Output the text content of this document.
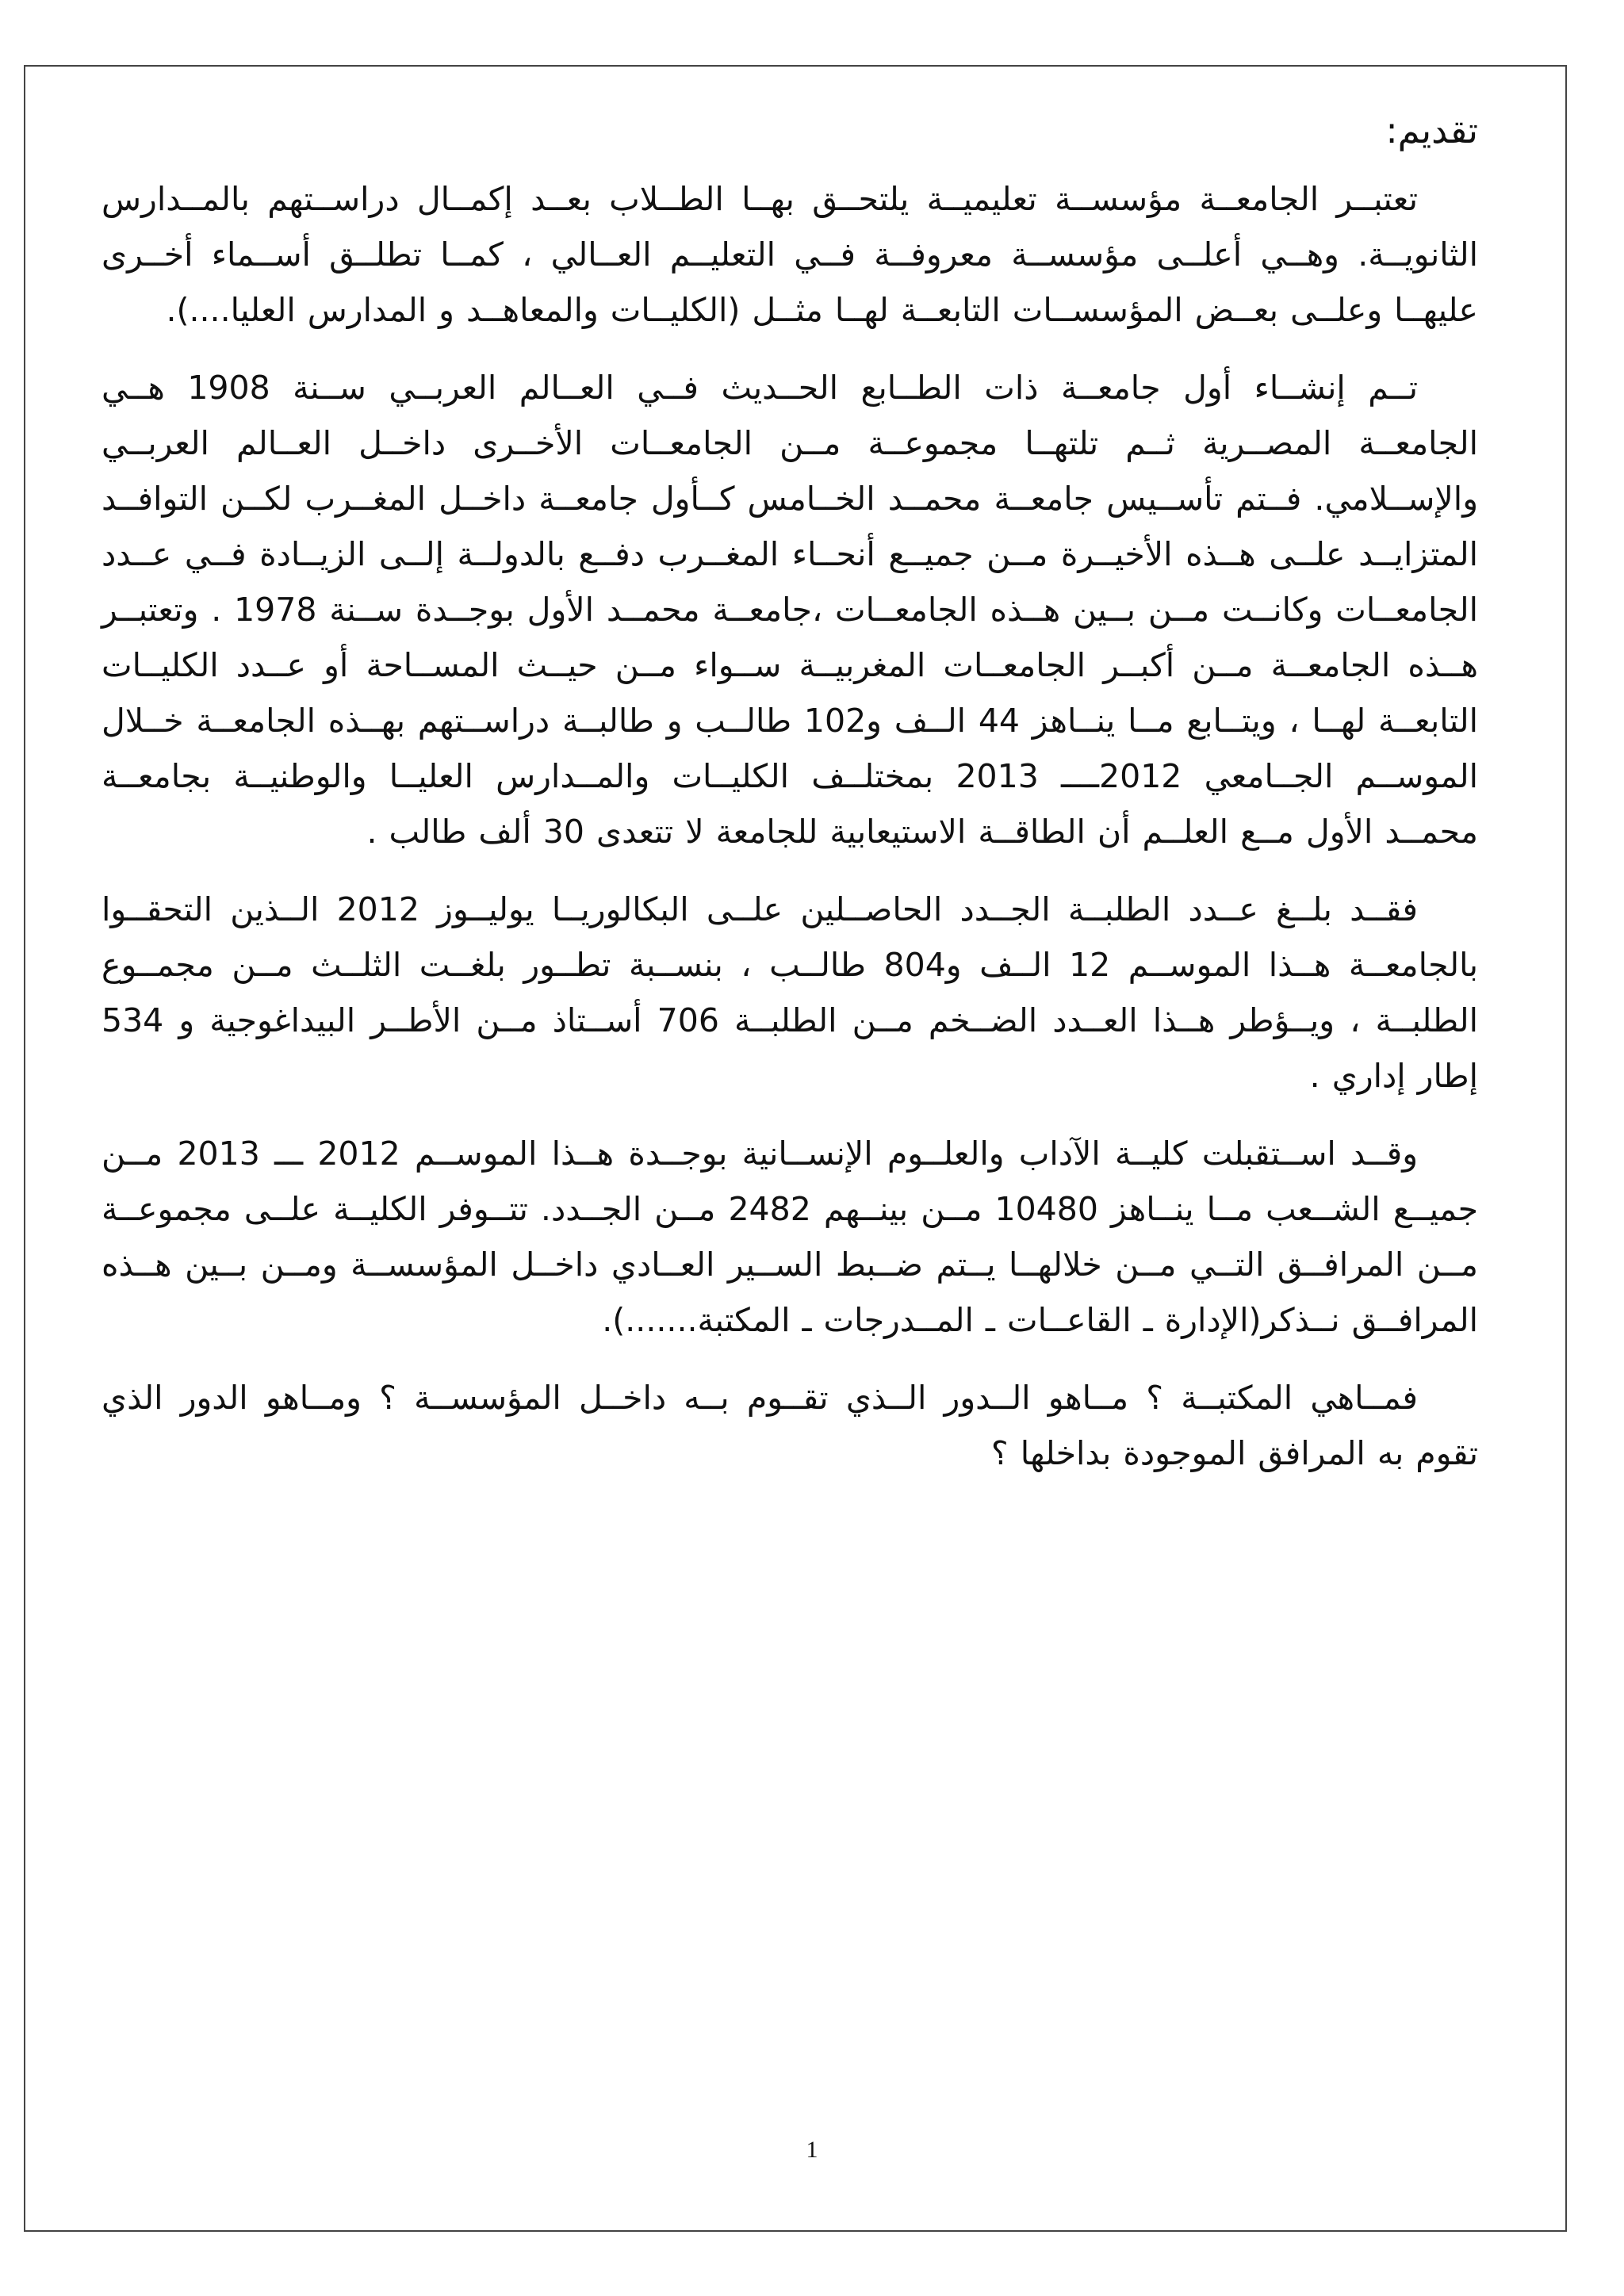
تقديم:

تعتبــر الجامعــة مؤسســة تعليميــة يلتحــق بهــا الطــلاب بعــد إكمــال دراســتهم بالمــدارس الثانويــة. وهــي أعلــى مؤسســة معروفــة فــي التعليــم العــالي ، كمــا تطلــق أســماء أخــرى عليهــا وعلــى بعــض المؤسســات التابعــة لهــا مثــل (الكليــات والمعاهــد و المدارس العليا....).

تــم إنشــاء أول جامعــة ذات الطــابع الحــديث فــي العــالم العربــي ســنة 1908 هــي الجامعــة المصــرية ثــم تلتهــا مجموعــة مــن الجامعــات الأخــرى داخــل العــالم العربــي والإســلامي. فــتم تأســيس جامعــة محمــد الخــامس كــأول جامعــة داخــل المغــرب لكــن التوافــد المتزايــد علــى هــذه الأخيــرة مــن جميــع أنحــاء المغــرب دفــع بالدولــة إلــى الزيــادة فــي عــدد الجامعــات وكانــت مــن بــين هــذه الجامعــات ،جامعــة محمــد الأول بوجــدة ســنة 1978 . وتعتبــر هــذه الجامعــة مــن أكبــر الجامعــات المغربيــة ســواء مــن حيــث المســاحة أو عــدد الكليــات التابعــة لهــا ، ويتــابع مــا ينــاهز 44 الــف و102 طالــب و طالبــة دراســتهم بهــذه الجامعــة خــلال الموســم الجــامعي 2012ــــ 2013 بمختلــف الكليــات والمــدارس العليــا والوطنيــة بجامعــة محمــد الأول مــع العلــم أن الطاقــة الاستيعابية للجامعة لا تتعدى 30 ألف طالب .

فقــد بلــغ عــدد الطلبــة الجــدد الحاصــلين علــى البكالوريــا يوليــوز 2012 الــذين التحقــوا بالجامعــة هــذا الموســم 12 الــف و804 طالــب ، بنســبة تطــور بلغــت الثلــث مــن مجمــوع الطلبــة ، ويــؤطر هــذا العــدد الضــخم مــن الطلبــة 706 أســتاذ مــن الأطــر البيداغوجية و 534 إطار إداري .

وقــد اســتقبلت كليــة الآداب والعلــوم الإنســانية بوجــدة هــذا الموســم 2012 ـــ 2013 مــن جميــع الشــعب مــا ينــاهز 10480 مــن بينــهم 2482 مــن الجــدد. تتــوفر الكليــة علــى مجموعــة مــن المرافــق التــي مــن خلالهــا يــتم ضــبط الســير العــادي داخــل المؤسســة ومــن بــين هــذه المرافــق نــذكر(الإدارة ـ القاعــات ـ المــدرجات ـ المكتبة.......).

فمــاهي المكتبــة ؟ مــاهو الــدور الــذي تقــوم بــه داخــل المؤسســة ؟ ومــاهو الدور الذي تقوم به المرافق الموجودة بداخلها ؟

1
